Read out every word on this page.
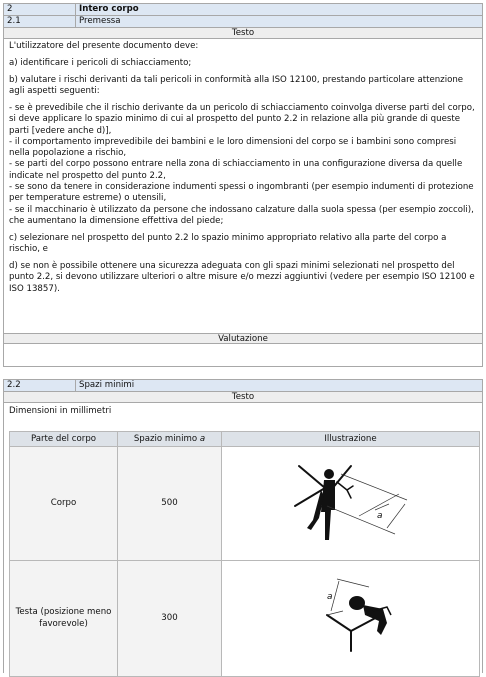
2	Intero corpo
2.1	Premessa
Testo

L'utilizzatore del presente documento deve:

a) identificare i pericoli di schiacciamento;

b) valutare i rischi derivanti da tali pericoli in conformità alla ISO 12100, prestando particolare attenzione agli aspetti seguenti:

- se è prevedibile che il rischio derivante da un pericolo di schiacciamento coinvolga diverse parti del corpo, si deve applicare lo spazio minimo di cui al prospetto del punto 2.2 in relazione alla più grande di queste parti [vedere anche d)],
- il comportamento imprevedibile dei bambini e le loro dimensioni del corpo se i bambini sono compresi nella popolazione a rischio,
- se parti del corpo possono entrare nella zona di schiacciamento in una configurazione diversa da quelle indicate nel prospetto del punto 2.2,
- se sono da tenere in considerazione indumenti spessi o ingombranti (per esempio indumenti di protezione per temperature estreme) o utensili,
- se il macchinario è utilizzato da persone che indossano calzature dalla suola spessa (per esempio zoccoli), che aumentano la dimensione effettiva del piede;

c) selezionare nel prospetto del punto 2.2 lo spazio minimo appropriato relativo alla parte del corpo a rischio, e

d) se non è possibile ottenere una sicurezza adeguata con gli spazi minimi selezionati nel prospetto del punto 2.2, si devono utilizzare ulteriori o altre misure e/o mezzi aggiuntivi (vedere per esempio ISO 12100 e ISO 13857).

Valutazione
2.2	Spazi minimi
Testo
Dimensioni in millimetri
Parte del corpo	Spazio minimo a	Illustrazione
Corpo	500	a

Testa (posizione meno favorevole)	300	a
